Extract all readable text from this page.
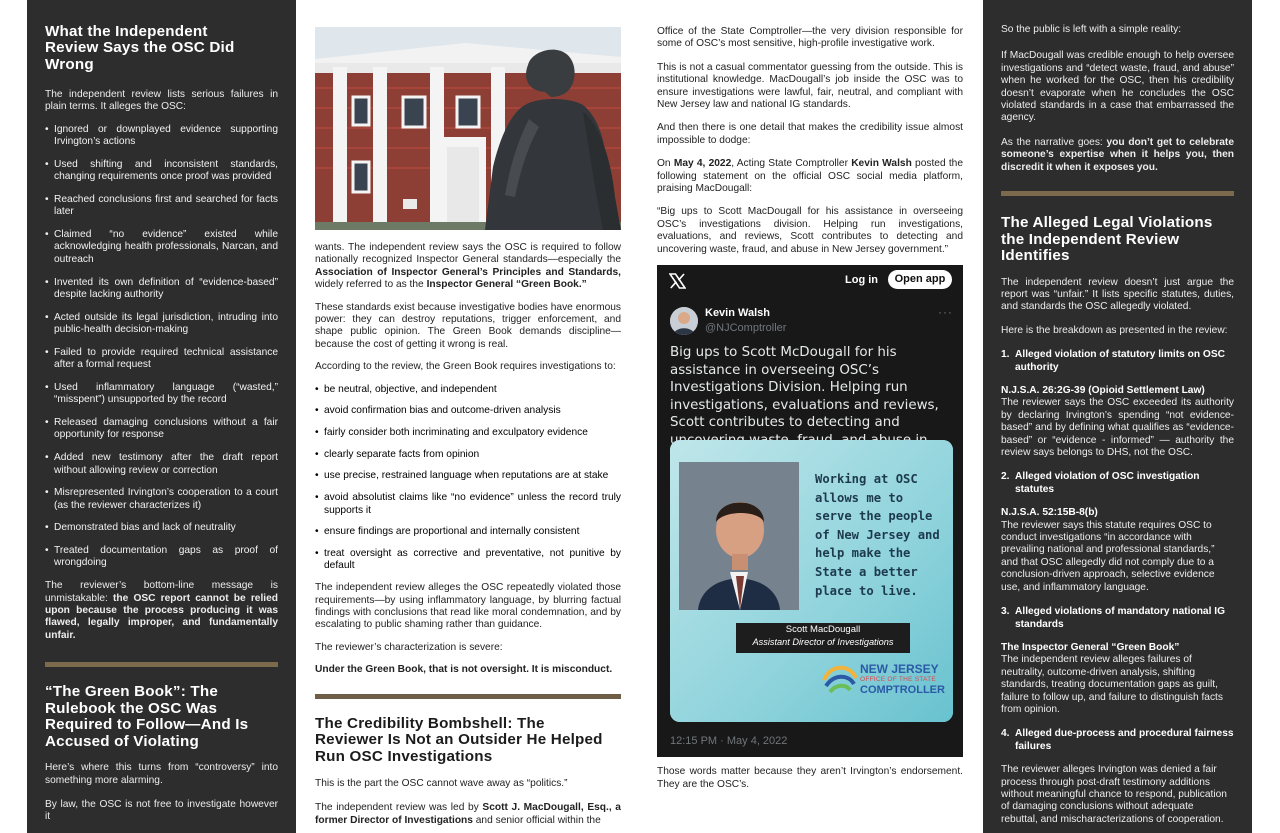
What the Independent Review Says the OSC Did Wrong

The independent review lists serious failures in plain terms. It alleges the OSC:

• Ignored or downplayed evidence supporting Irvington’s actions
• Used shifting and inconsistent standards, changing requirements once proof was provided
• Reached conclusions first and searched for facts later
• Claimed “no evidence” existed while acknowledging health professionals, Narcan, and outreach
• Invented its own definition of “evidence-based” despite lacking authority
• Acted outside its legal jurisdiction, intruding into public-health decision-making
• Failed to provide required technical assistance after a formal request
• Used inflammatory language (“wasted,” “misspent”) unsupported by the record
• Released damaging conclusions without a fair opportunity for response
• Added new testimony after the draft report without allowing review or correction
• Misrepresented Irvington’s cooperation to a court (as the reviewer characterizes it)
• Demonstrated bias and lack of neutrality
• Treated documentation gaps as proof of wrongdoing

The reviewer’s bottom-line message is unmistakable: the OSC report cannot be relied upon because the process producing it was flawed, legally improper, and fundamentally unfair.

“The Green Book”: The Rulebook the OSC Was Required to Follow—And Is Accused of Violating

Here’s where this turns from “controversy” into something more alarming.

By law, the OSC is not free to investigate however it

wants. The independent review says the OSC is required to follow nationally recognized Inspector General standards—especially the Association of Inspector General’s Principles and Standards, widely referred to as the Inspector General “Green Book.”

These standards exist because investigative bodies have enormous power: they can destroy reputations, trigger enforcement, and shape public opinion. The Green Book demands discipline—because the cost of getting it wrong is real.

According to the review, the Green Book requires investigations to:

• be neutral, objective, and independent
• avoid confirmation bias and outcome-driven analysis
• fairly consider both incriminating and exculpatory evidence
• clearly separate facts from opinion
• use precise, restrained language when reputations are at stake
• avoid absolutist claims like “no evidence” unless the record truly supports it
• ensure findings are proportional and internally consistent
• treat oversight as corrective and preventative, not punitive by default

The independent review alleges the OSC repeatedly violated those requirements—by using inflammatory language, by blurring factual findings with conclusions that read like moral condemnation, and by escalating to public shaming rather than guidance.

The reviewer’s characterization is severe:

Under the Green Book, that is not oversight. It is misconduct.

The Credibility Bombshell: The Reviewer Is Not an Outsider He Helped Run OSC Investigations

This is the part the OSC cannot wave away as “politics.”

The independent review was led by Scott J. MacDougall, Esq., a former Director of Investigations and senior official within the

Office of the State Comptroller—the very division responsible for some of OSC’s most sensitive, high-profile investigative work.

This is not a casual commentator guessing from the outside. This is institutional knowledge. MacDougall’s job inside the OSC was to ensure investigations were lawful, fair, neutral, and compliant with New Jersey law and national IG standards.

And then there is one detail that makes the credibility issue almost impossible to dodge:

On May 4, 2022, Acting State Comptroller Kevin Walsh posted the following statement on the official OSC social media platform, praising MacDougall:

“Big ups to Scott MacDougall for his assistance in overseeing OSC’s investigations division. Helping run investigations, evaluations, and reviews, Scott contributes to detecting and uncovering waste, fraud, and abuse in New Jersey government.”

Log in	Open app
Kevin Walsh
@NJComptroller
···
Big ups to Scott McDougall for his assistance in overseeing OSC’s Investigations Division. Helping run investigations, evaluations and reviews, Scott contributes to detecting and
Working at OSC allows me to serve the people of New Jersey and help make the State a better place to live.
Scott MacDougall
Assistant Director of Investigations
NEW JERSEY
OFFICE OF THE STATE
COMPTROLLER
12:15 PM · May 4, 2022

Those words matter because they aren’t Irvington’s endorsement. They are the OSC’s.

So the public is left with a simple reality:

If MacDougall was credible enough to help oversee investigations and “detect waste, fraud, and abuse” when he worked for the OSC, then his credibility doesn’t evaporate when he concludes the OSC violated standards in a case that embarrassed the agency.

As the narrative goes: you don’t get to celebrate someone’s expertise when it helps you, then discredit it when it exposes you.

The Alleged Legal Violations the Independent Review Identifies

The independent review doesn’t just argue the report was “unfair.” It lists specific statutes, duties, and standards the OSC allegedly violated.

Here is the breakdown as presented in the review:

1. Alleged violation of statutory limits on OSC authority

N.J.S.A. 26:2G-39 (Opioid Settlement Law)

The reviewer says the OSC exceeded its authority by declaring Irvington’s spending “not evidence-based” and by defining what qualifies as “evidence-based” or “evidence - informed” — authority the review says belongs to DHS, not the OSC.

2. Alleged violation of OSC investigation statutes

N.J.S.A. 52:15B-8(b)

The reviewer says this statute requires OSC to conduct investigations “in accordance with prevailing national and professional standards,” and that OSC allegedly did not comply due to a conclusion-driven approach, selective evidence use, and inflammatory language.

3. Alleged violations of mandatory national IG standards

The Inspector General “Green Book”

The independent review alleges failures of neutrality, outcome-driven analysis, shifting standards, treating documentation gaps as guilt, failure to follow up, and failure to distinguish facts from opinion.

4. Alleged due-process and procedural fairness failures

The reviewer alleges Irvington was denied a fair process through post-draft testimony additions without meaningful chance to respond, publication of damaging conclusions without adequate rebuttal, and mischaracterizations of cooperation.
